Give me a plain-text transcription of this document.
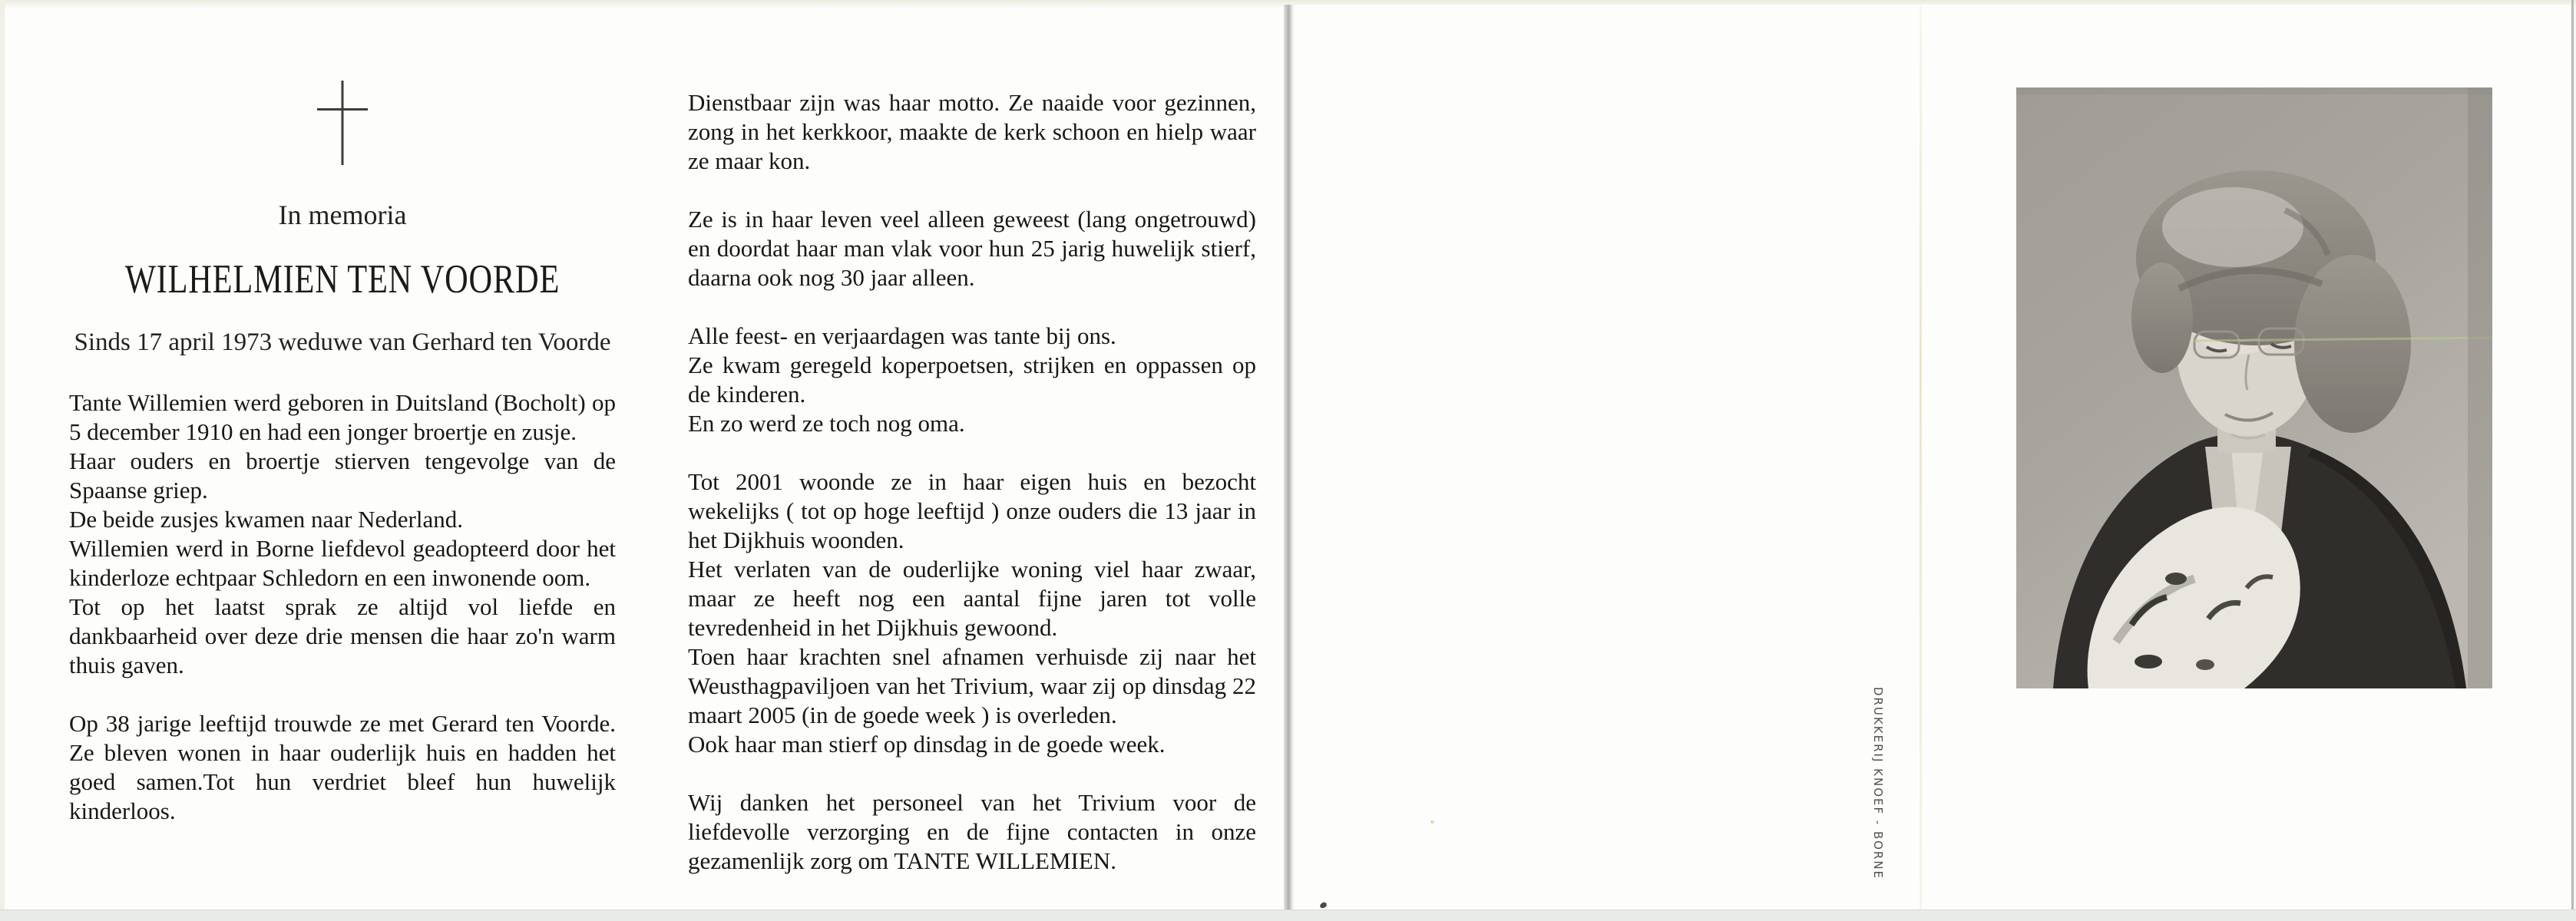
In memoria
WILHELMIEN TEN VOORDE
Sinds 17 april 1973 weduwe van Gerhard ten Voorde

Tante Willemien werd geboren in Duitsland (Bocholt) op 5 december 1910 en had een jonger broertje en zusje.

Haar ouders en broertje stierven tengevolge van de Spaanse griep.

De beide zusjes kwamen naar Nederland.

Willemien werd in Borne liefdevol geadopteerd door het kinderloze echtpaar Schledorn en een inwonende oom.

Tot op het laatst sprak ze altijd vol liefde en dankbaarheid over deze drie mensen die haar zo'n warm thuis gaven.

Op 38 jarige leeftijd trouwde ze met Gerard ten Voorde. Ze bleven wonen in haar ouderlijk huis en hadden het goed samen.Tot hun verdriet bleef hun huwelijk kinderloos.

Dienstbaar zijn was haar motto. Ze naaide voor gezinnen, zong in het kerkkoor, maakte de kerk schoon en hielp waar ze maar kon.

Ze is in haar leven veel alleen geweest (lang ongetrouwd) en doordat haar man vlak voor hun 25 jarig huwelijk stierf, daarna ook nog 30 jaar alleen.

Alle feest- en verjaardagen was tante bij ons.

Ze kwam geregeld koperpoetsen, strijken en oppassen op de kinderen.

En zo werd ze toch nog oma.

Tot 2001 woonde ze in haar eigen huis en bezocht wekelijks ( tot op hoge leeftijd ) onze ouders die 13 jaar in het Dijkhuis woonden.

Het verlaten van de ouderlijke woning viel haar zwaar, maar ze heeft nog een aantal fijne jaren tot volle tevredenheid in het Dijkhuis gewoond.

Toen haar krachten snel afnamen verhuisde zij naar het Weusthagpaviljoen van het Trivium, waar zij op dinsdag 22 maart 2005 (in de goede week ) is overleden.

Ook haar man stierf op dinsdag in de goede week.

Wij danken het personeel van het Trivium voor de liefdevolle verzorging en de fijne contacten in onze gezamenlijk zorg om TANTE WILLEMIEN.	DRUKKERIJ KNOEF - BORNE
